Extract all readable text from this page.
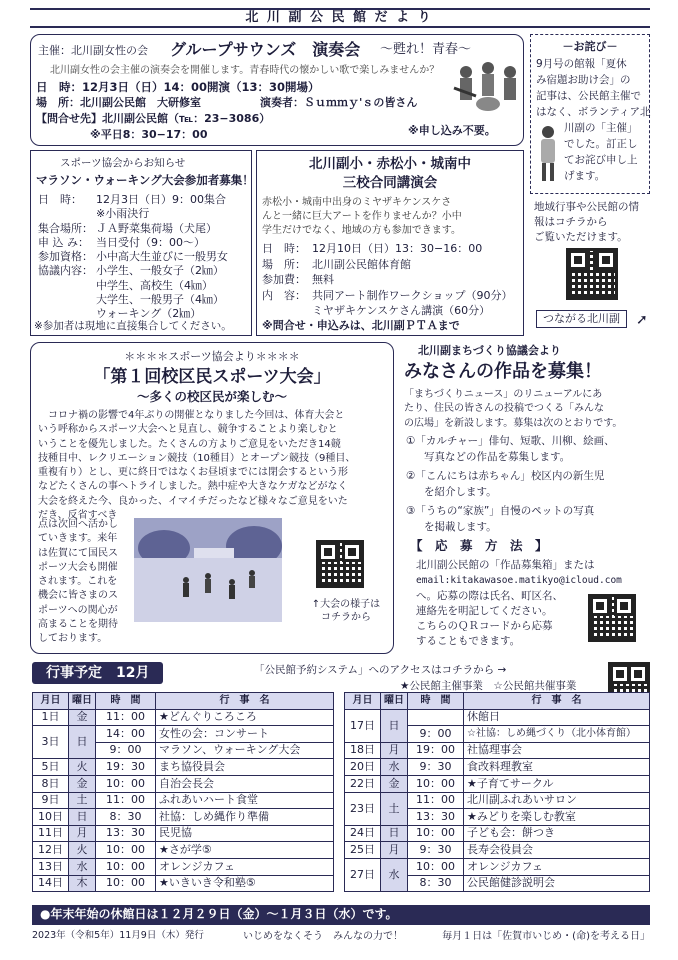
北 川 副 公 民 館 だ よ り
主催：北川副女性の会 グループサウンズ　演奏会 ～甦れ！青春～
北川副女性の会主催の演奏会を開催します。青春時代の懐かしい歌で楽しみませんか？
日　時：12月3日（日）14：00開演（13：30開場）
場　所：北川副公民館　大研修室	演奏者：Ｓｕｍｍｙ'ｓの皆さん
【問合せ先】北川副公民館（℡：23−3086）
※平日8：30−17：00	※申し込み不要。
－お詫び－
9月号の館報「夏休
み宿題お助け会」の
記事は、公民館主催で
はなく、ボランティア北
川副の「主催」
でした。訂正し
てお詫び申し上
げます。
スポーツ協会からお知らせ
マラソン・ウォーキング大会参加者募集！
日　時： 12月3日（日）9：00集合
※小雨決行
集合場所： ＪＡ野菜集荷場（犬尾）
申 込 み： 当日受付（9：00～）
参加資格： 小中高大生並びに一般男女
協議内容： 小学生、一般女子（2㎞）
中学生、高校生（4㎞）
大学生、一般男子（4㎞）
ウォーキング（2㎞）
※参加者は現地に直接集合してください。
北川副小・赤松小・城南中
三校合同講演会
赤松小・城南中出身のミヤザキケンスケさ
んと一緒に巨大アートを作りませんか？小中
学生だけでなく、地域の方も参加できます。
日　時： 12月10日（日）13：30−16：00
場　所： 北川副公民館体育館
参加費： 無料
内　容： 共同アート制作ワークショップ（90分）
ミヤザキケンスケさん講演（60分）
※問合せ・申込みは、北川副ＰＴＡまで
地域行事や公民館の情
報はコチラから
ご覧いただけます。
つながる北川副	➚
＊＊＊＊スポーツ協会より＊＊＊＊
「第１回校区民スポーツ大会」
～多くの校区民が楽しむ～
　コロナ禍の影響で4年ぶりの開催となりました今回は、体育大会と
いう呼称からスポーツ大会へと見直し、競争することより楽しむと
いうことを優先しました。たくさんの方よりご意見をいただき14競
技種目中、レクリエーション競技（10種目）とオープン競技（9種目、
重複有り）とし、更に終日ではなくお昼頃までには閉会するという形
などたくさんの事へトライしました。熱中症や大きなケガなどがなく
大会を終えた今、良かった、イマイチだったなど様々なご意見をいた
だき、反省すべき
点は次回へ活かし
ていきます。来年
は佐賀にて国民ス
ポーツ大会も開催
されます。これを
機会に皆さまのス
ポーツへの関心が
高まることを期待
しております。
↑大会の様子は
コチラから
北川副まちづくり協議会より
みなさんの作品を募集！
「まちづくりニュース」のリニューアルにあ
たり、住民の皆さんの投稿でつくる「みんな
の広場」を新設します。募集は次のとおりです。
①「カルチャー」俳句、短歌、川柳、絵画、
写真などの作品を募集します。
②「こんにちは赤ちゃん」校区内の新生児
を紹介します。
③「うちの“家族”」自慢のペットの写真
を掲載します。
【　応　募　方　法　】
北川副公民館の「作品募集箱」または
email:kitakawasoe.matikyo@icloud.com
へ。応募の際は氏名、町区名、
連絡先を明記してください。
こちらのＱＲコードから応募
することもできます。
行事予定　12月	「公民館予約システム」へのアクセスはコチラから →
★公民館主催事業　☆公民館共催事業
月日	曜日	時　間	行　事　名
1日	金	11：00	★どんぐりころころ
3日	日	14：00	女性の会：コンサート
		9：00	マラソン、ウォーキング大会
5日	火	19：30	まち協役員会
8日	金	10：00	自治会長会
9日	土	11：00	ふれあいハート食堂
10日	日	8：30	社協：しめ縄作り準備
11日	月	13：30	民児協
12日	火	10：00	★さが学⑤
13日	水	10：00	オレンジカフェ
14日	木	10：00	★いきいき令和塾⑤
月日	曜日	時　間	行　事　名
17日	日		休館日
		9：00	☆社協：しめ縄づくり（北小体育館）
18日	月	19：00	社協理事会
20日	水	9：30	食改料理教室
22日	金	10：00	★子育てサークル
23日	土	11：00	北川副ふれあいサロン
		13：30	★みどりを楽しむ教室
24日	日	10：00	子ども会：餅つき
25日	月	9：30	長寿会役員会
27日	水	10：00	オレンジカフェ
		8：30	公民館健診説明会
●年末年始の休館日は１２月２９日（金）～１月３日（水）です。
2023年（令和5年）11月9日（木）発行	いじめをなくそう　みんなの力で！	毎月１日は「佐賀市いじめ・(命)を考える日」
